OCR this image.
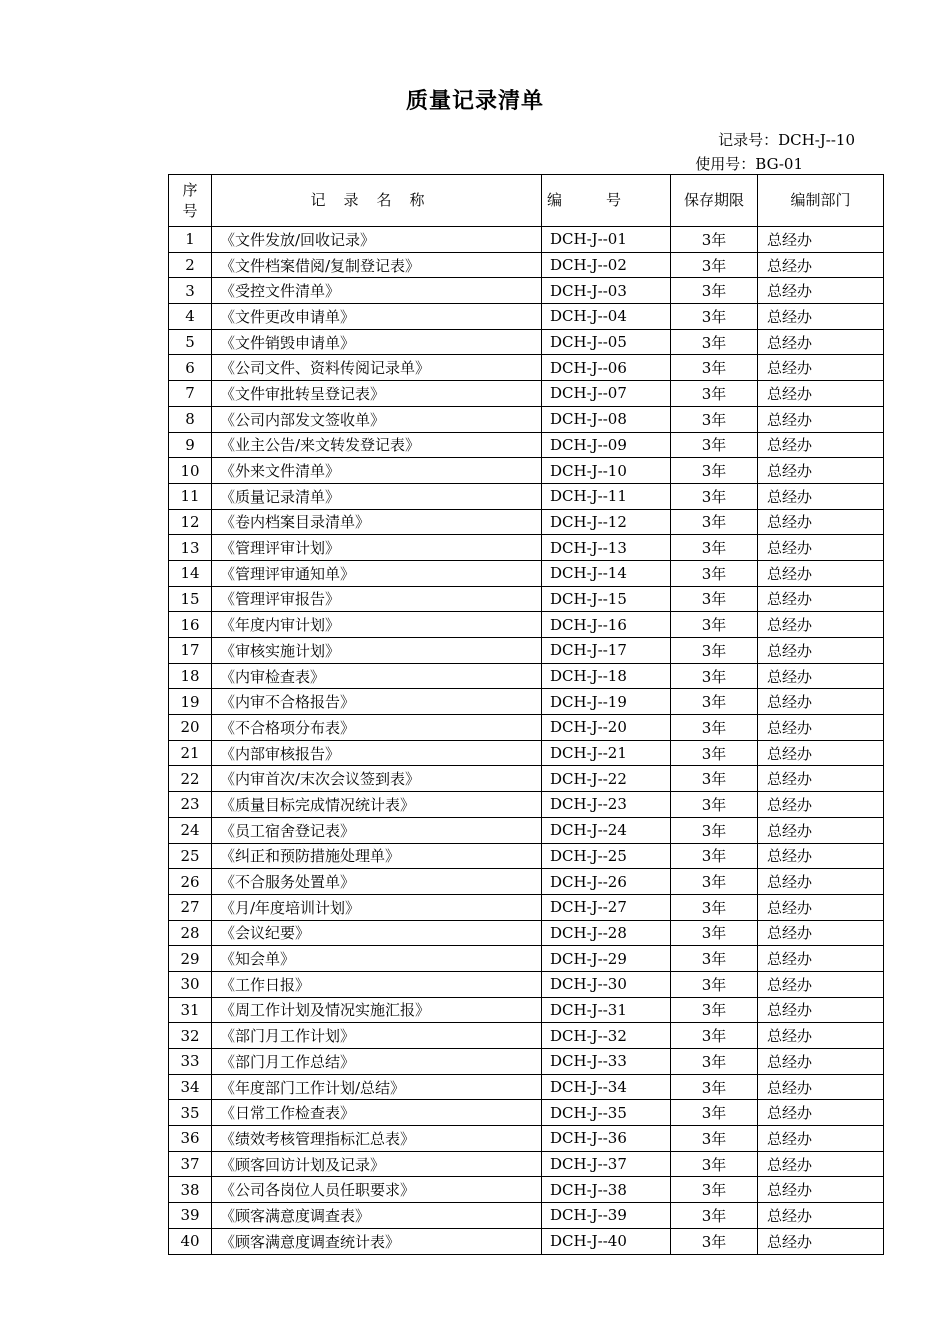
质量记录清单
记录号：DCH-J--10
使用号：BG-01
序
号	记录名称	编号	保存期限	编制部门
1	《文件发放/回收记录》	DCH-J--01	3年	总经办
2	《文件档案借阅/复制登记表》	DCH-J--02	3年	总经办
3	《受控文件清单》	DCH-J--03	3年	总经办
4	《文件更改申请单》	DCH-J--04	3年	总经办
5	《文件销毁申请单》	DCH-J--05	3年	总经办
6	《公司文件、资料传阅记录单》	DCH-J--06	3年	总经办
7	《文件审批转呈登记表》	DCH-J--07	3年	总经办
8	《公司内部发文签收单》	DCH-J--08	3年	总经办
9	《业主公告/来文转发登记表》	DCH-J--09	3年	总经办
10	《外来文件清单》	DCH-J--10	3年	总经办
11	《质量记录清单》	DCH-J--11	3年	总经办
12	《卷内档案目录清单》	DCH-J--12	3年	总经办
13	《管理评审计划》	DCH-J--13	3年	总经办
14	《管理评审通知单》	DCH-J--14	3年	总经办
15	《管理评审报告》	DCH-J--15	3年	总经办
16	《年度内审计划》	DCH-J--16	3年	总经办
17	《审核实施计划》	DCH-J--17	3年	总经办
18	《内审检查表》	DCH-J--18	3年	总经办
19	《内审不合格报告》	DCH-J--19	3年	总经办
20	《不合格项分布表》	DCH-J--20	3年	总经办
21	《内部审核报告》	DCH-J--21	3年	总经办
22	《内审首次/末次会议签到表》	DCH-J--22	3年	总经办
23	《质量目标完成情况统计表》	DCH-J--23	3年	总经办
24	《员工宿舍登记表》	DCH-J--24	3年	总经办
25	《纠正和预防措施处理单》	DCH-J--25	3年	总经办
26	《不合服务处置单》	DCH-J--26	3年	总经办
27	《月/年度培训计划》	DCH-J--27	3年	总经办
28	《会议纪要》	DCH-J--28	3年	总经办
29	《知会单》	DCH-J--29	3年	总经办
30	《工作日报》	DCH-J--30	3年	总经办
31	《周工作计划及情况实施汇报》	DCH-J--31	3年	总经办
32	《部门月工作计划》	DCH-J--32	3年	总经办
33	《部门月工作总结》	DCH-J--33	3年	总经办
34	《年度部门工作计划/总结》	DCH-J--34	3年	总经办
35	《日常工作检查表》	DCH-J--35	3年	总经办
36	《绩效考核管理指标汇总表》	DCH-J--36	3年	总经办
37	《顾客回访计划及记录》	DCH-J--37	3年	总经办
38	《公司各岗位人员任职要求》	DCH-J--38	3年	总经办
39	《顾客满意度调查表》	DCH-J--39	3年	总经办
40	《顾客满意度调查统计表》	DCH-J--40	3年	总经办
